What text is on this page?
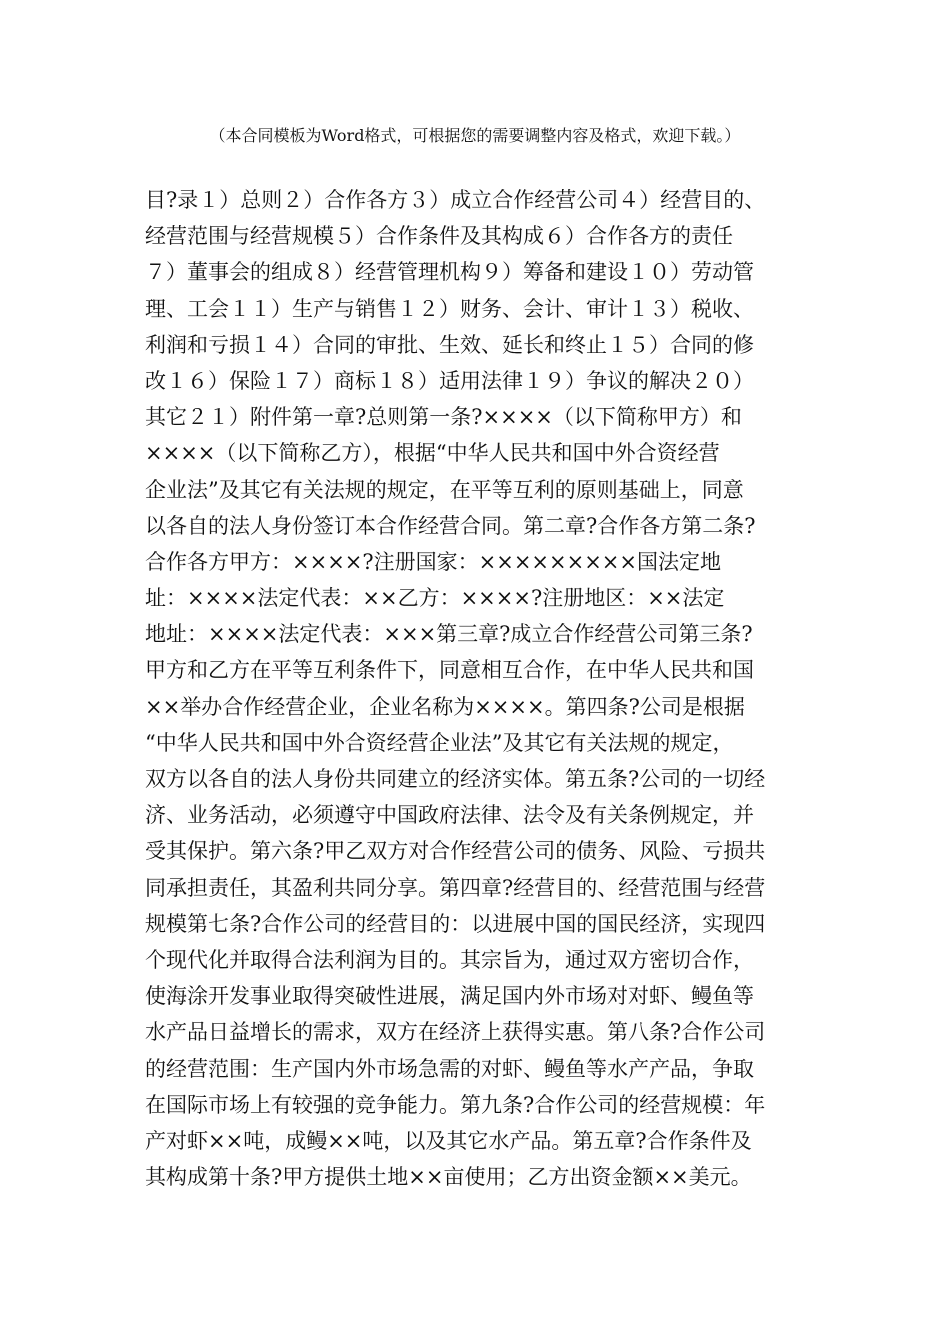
（本合同模板为Word格式，可根据您的需要调整内容及格式，欢迎下载。）
目?录１）总则２）合作各方３）成立合作经营公司４）经营目的、
经营范围与经营规模５）合作条件及其构成６）合作各方的责任
７）董事会的组成８）经营管理机构９）筹备和建设１０）劳动管
理、工会１１）生产与销售１２）财务、会计、审计１３）税收、
利润和亏损１４）合同的审批、生效、延长和终止１５）合同的修
改１６）保险１７）商标１８）适用法律１９）争议的解决２０）
其它２１）附件第一章?总则第一条?××××（以下简称甲方）和
××××（以下简称乙方），根据“中华人民共和国中外合资经营
企业法”及其它有关法规的规定，在平等互利的原则基础上，同意
以各自的法人身份签订本合作经营合同。第二章?合作各方第二条?
合作各方甲方：××××?注册国家：×××××××××国法定地
址：××××法定代表：××乙方：××××?注册地区：××法定
地址：××××法定代表：×××第三章?成立合作经营公司第三条?
甲方和乙方在平等互利条件下，同意相互合作，在中华人民共和国
××举办合作经营企业，企业名称为××××。第四条?公司是根据
“中华人民共和国中外合资经营企业法”及其它有关法规的规定，
双方以各自的法人身份共同建立的经济实体。第五条?公司的一切经
济、业务活动，必须遵守中国政府法律、法令及有关条例规定，并
受其保护。第六条?甲乙双方对合作经营公司的债务、风险、亏损共
同承担责任，其盈利共同分享。第四章?经营目的、经营范围与经营
规模第七条?合作公司的经营目的：以进展中国的国民经济，实现四
个现代化并取得合法利润为目的。其宗旨为，通过双方密切合作，
使海涂开发事业取得突破性进展，满足国内外市场对对虾、鳗鱼等
水产品日益增长的需求，双方在经济上获得实惠。第八条?合作公司
的经营范围：生产国内外市场急需的对虾、鳗鱼等水产产品，争取
在国际市场上有较强的竞争能力。第九条?合作公司的经营规模：年
产对虾××吨，成鳗××吨，以及其它水产品。第五章?合作条件及
其构成第十条?甲方提供土地××亩使用；乙方出资金额××美元。
